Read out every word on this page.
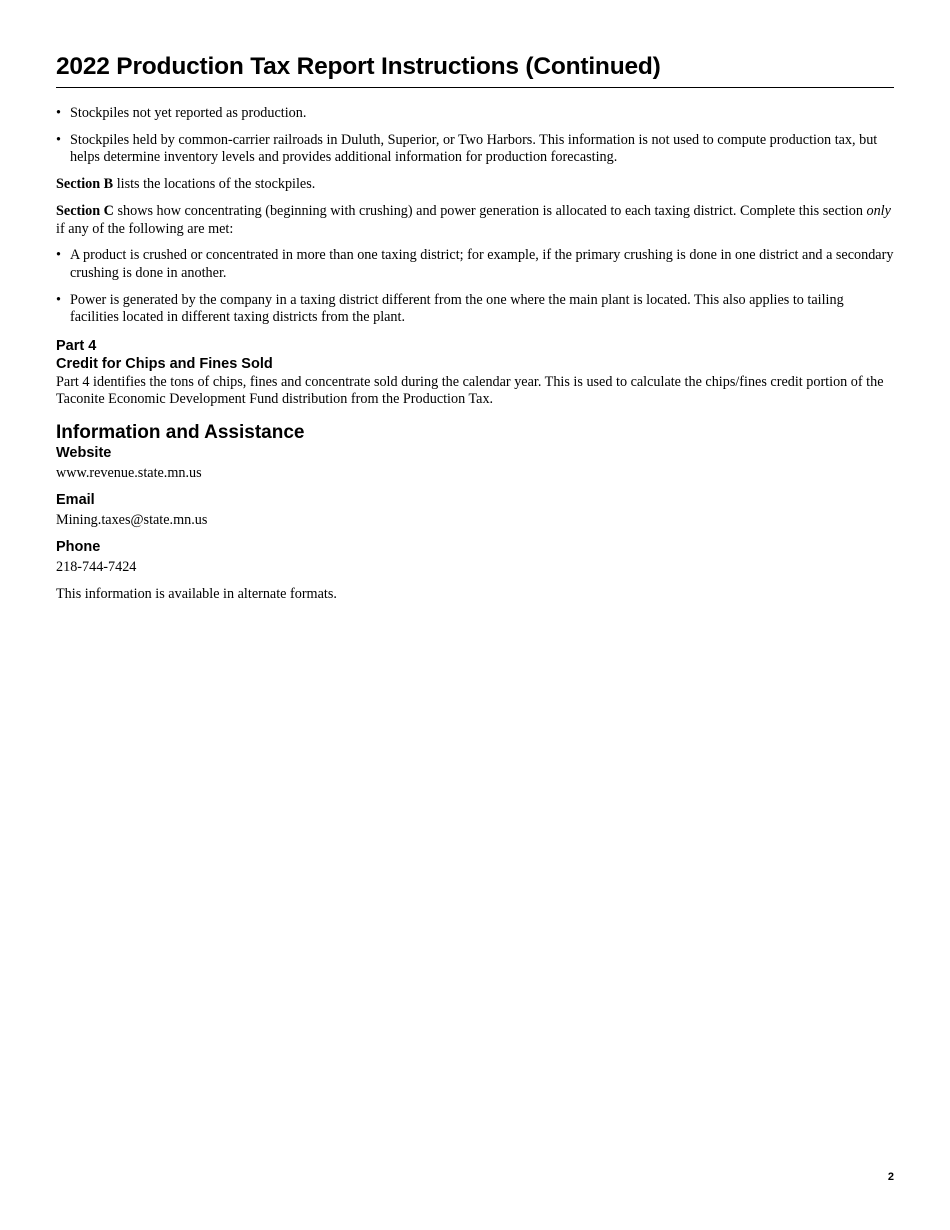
2022 Production Tax Report Instructions (Continued)
• Stockpiles not yet reported as production.
• Stockpiles held by common-carrier railroads in Duluth, Superior, or Two Harbors. This information is not used to compute production tax, but helps determine inventory levels and provides additional information for production forecasting.

Section B lists the locations of the stockpiles.

Section C shows how concentrating (beginning with crushing) and power generation is allocated to each taxing district. Complete this section only if any of the following are met:

• A product is crushed or concentrated in more than one taxing district; for example, if the primary crushing is done in one district and a secondary crushing is done in another.
• Power is generated by the company in a taxing district different from the one where the main plant is located. This also applies to tailing facilities located in different taxing districts from the plant.
Part 4
Credit for Chips and Fines Sold

Part 4 identifies the tons of chips, fines and concentrate sold during the calendar year. This is used to calculate the chips/fines credit portion of the Taconite Economic Development Fund distribution from the Production Tax.

Information and Assistance
Website

www.revenue.state.mn.us

Email

Mining.taxes@state.mn.us

Phone

218-744-7424

This information is available in alternate formats.

2
